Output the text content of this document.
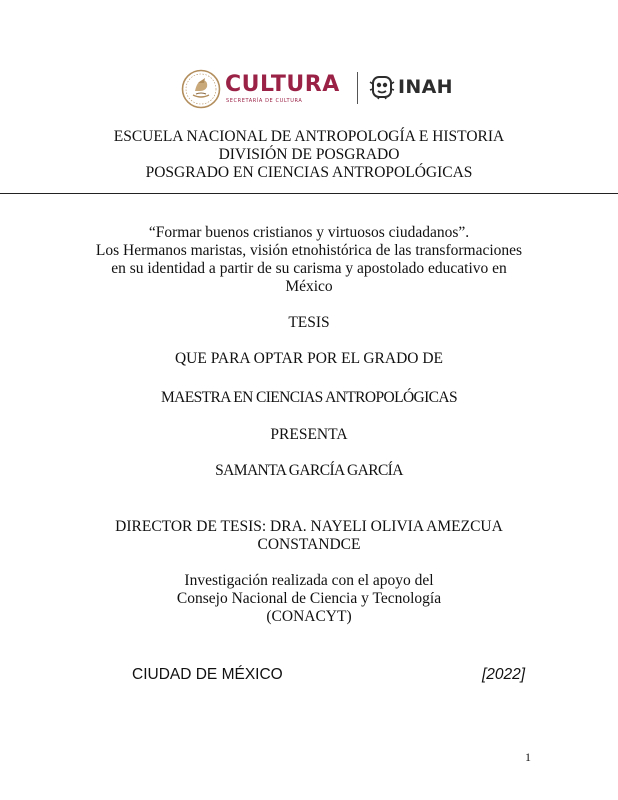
CULTURA
SECRETARÍA DE CULTURA
INAH
ESCUELA NACIONAL DE ANTROPOLOGÍA E HISTORIA
DIVISIÓN DE POSGRADO
POSGRADO EN CIENCIAS ANTROPOLÓGICAS
“Formar buenos cristianos y virtuosos ciudadanos”.
Los Hermanos maristas, visión etnohistórica de las transformaciones
en su identidad a partir de su carisma y apostolado educativo en
México
TESIS
QUE PARA OPTAR POR EL GRADO DE
MAESTRA EN CIENCIAS ANTROPOLÓGICAS
PRESENTA
SAMANTA GARCÍA GARCÍA
DIRECTOR DE TESIS: DRA. NAYELI OLIVIA AMEZCUA
CONSTANDCE
Investigación realizada con el apoyo del
Consejo Nacional de Ciencia y Tecnología
(CONACYT)
CIUDAD DE MÉXICO	[2022]
1
